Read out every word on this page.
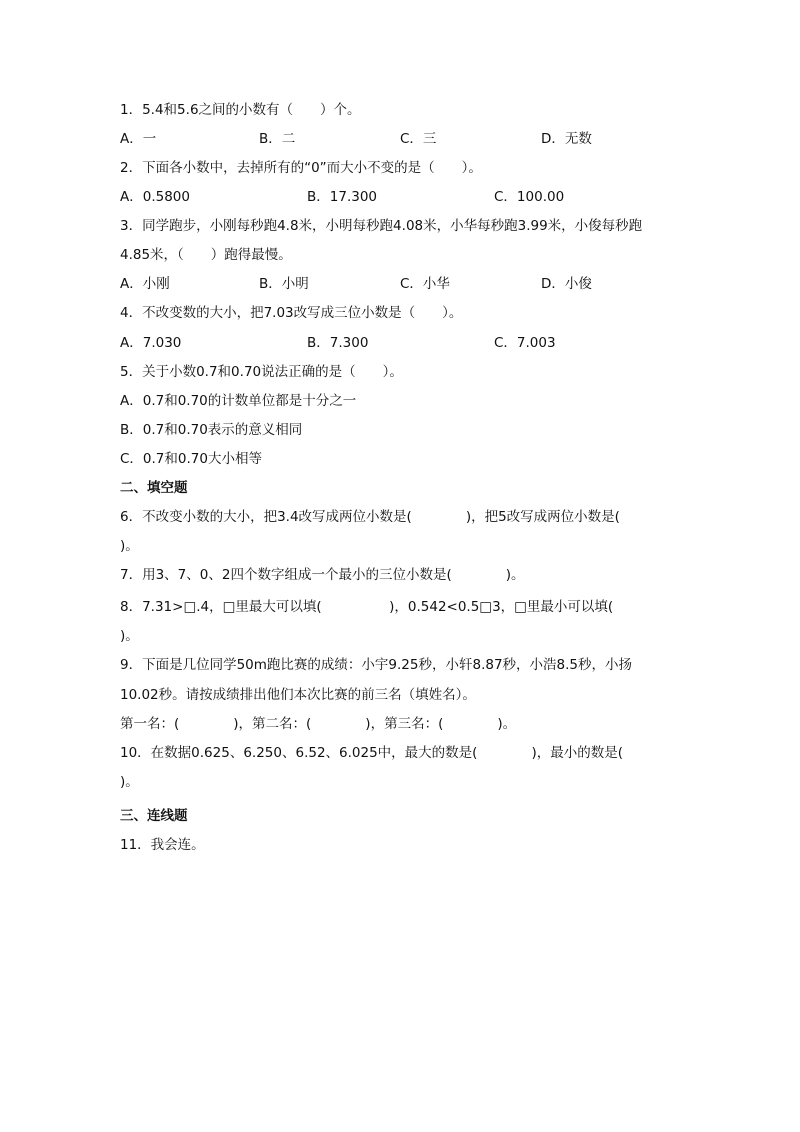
1．5.4和5.6之间的小数有（　　）个。
A．一	B．二	C．三	D．无数
2．下面各小数中，去掉所有的“0”而大小不变的是（　　）。
A．0.5800	B．17.300	C．100.00
3．同学跑步，小刚每秒跑4.8米，小明每秒跑4.08米，小华每秒跑3.99米，小俊每秒跑
4.85米，（　　）跑得最慢。
A．小刚	B．小明	C．小华	D．小俊
4．不改变数的大小，把7.03改写成三位小数是（　　）。
A．7.030	B．7.300	C．7.003
5．关于小数0.7和0.70说法正确的是（　　）。
A．0.7和0.70的计数单位都是十分之一
B．0.7和0.70表示的意义相同
C．0.7和0.70大小相等
二、填空题
6．不改变小数的大小，把3.4改写成两位小数是(　　　　)，把5改写成两位小数是(
)。
7．用3、7、0、2四个数字组成一个最小的三位小数是(　　　　)。
8．7.31>□.4，□里最大可以填(　　　　　)，0.542<0.5□3，□里最小可以填(
)。
9．下面是几位同学50m跑比赛的成绩：小宇9.25秒，小轩8.87秒，小浩8.5秒，小扬
10.02秒。请按成绩排出他们本次比赛的前三名（填姓名）。
第一名：(　　　　)，第二名：(　　　　)，第三名：(　　　　)。
10．在数据0.625、6.250、6.52、6.025中，最大的数是(　　　　)，最小的数是(
)。
三、连线题
11．我会连。
